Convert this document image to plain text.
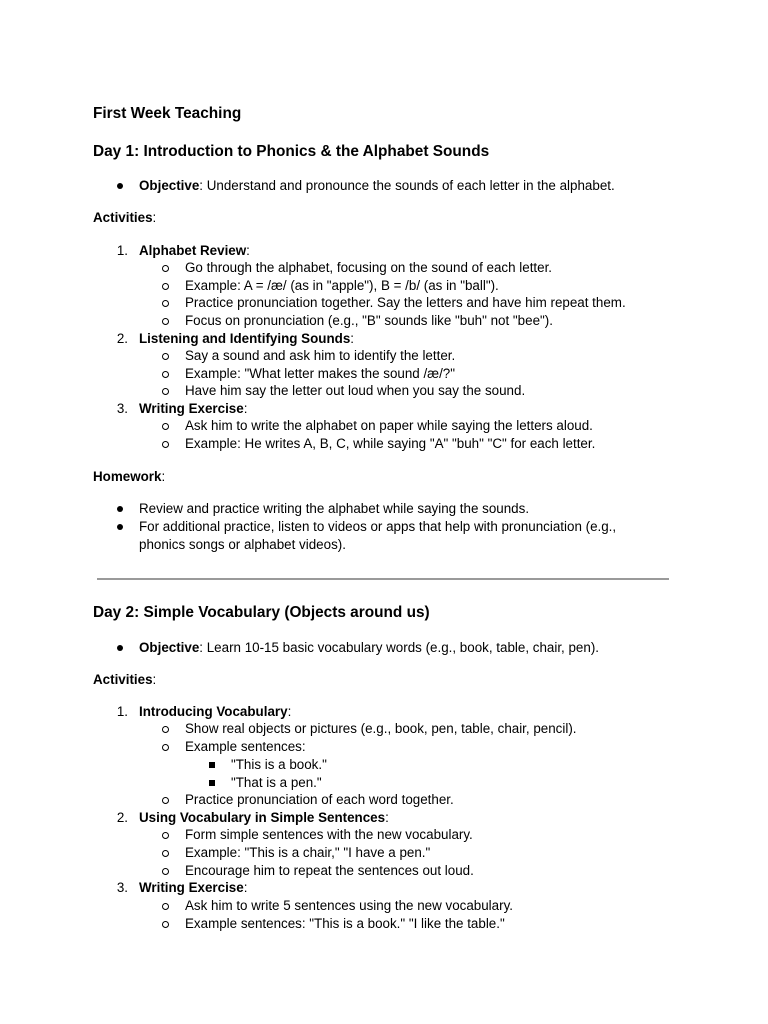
First Week Teaching
Day 1: Introduction to Phonics & the Alphabet Sounds
Objective: Understand and pronounce the sounds of each letter in the alphabet.
Activities:
1. Alphabet Review:
Go through the alphabet, focusing on the sound of each letter.
Example: A = /æ/ (as in "apple"), B = /b/ (as in "ball").
Practice pronunciation together. Say the letters and have him repeat them.
Focus on pronunciation (e.g., "B" sounds like "buh" not "bee").
2. Listening and Identifying Sounds:
Say a sound and ask him to identify the letter.
Example: "What letter makes the sound /æ/?"
Have him say the letter out loud when you say the sound.
3. Writing Exercise:
Ask him to write the alphabet on paper while saying the letters aloud.
Example: He writes A, B, C, while saying "A" "buh" "C" for each letter.
Homework:
Review and practice writing the alphabet while saying the sounds.
For additional practice, listen to videos or apps that help with pronunciation (e.g.,
phonics songs or alphabet videos).
Day 2: Simple Vocabulary (Objects around us)
Objective: Learn 10-15 basic vocabulary words (e.g., book, table, chair, pen).
Activities:
1. Introducing Vocabulary:
Show real objects or pictures (e.g., book, pen, table, chair, pencil).
Example sentences:
"This is a book."
"That is a pen."
Practice pronunciation of each word together.
2. Using Vocabulary in Simple Sentences:
Form simple sentences with the new vocabulary.
Example: "This is a chair," "I have a pen."
Encourage him to repeat the sentences out loud.
3. Writing Exercise:
Ask him to write 5 sentences using the new vocabulary.
Example sentences: "This is a book." "I like the table."
